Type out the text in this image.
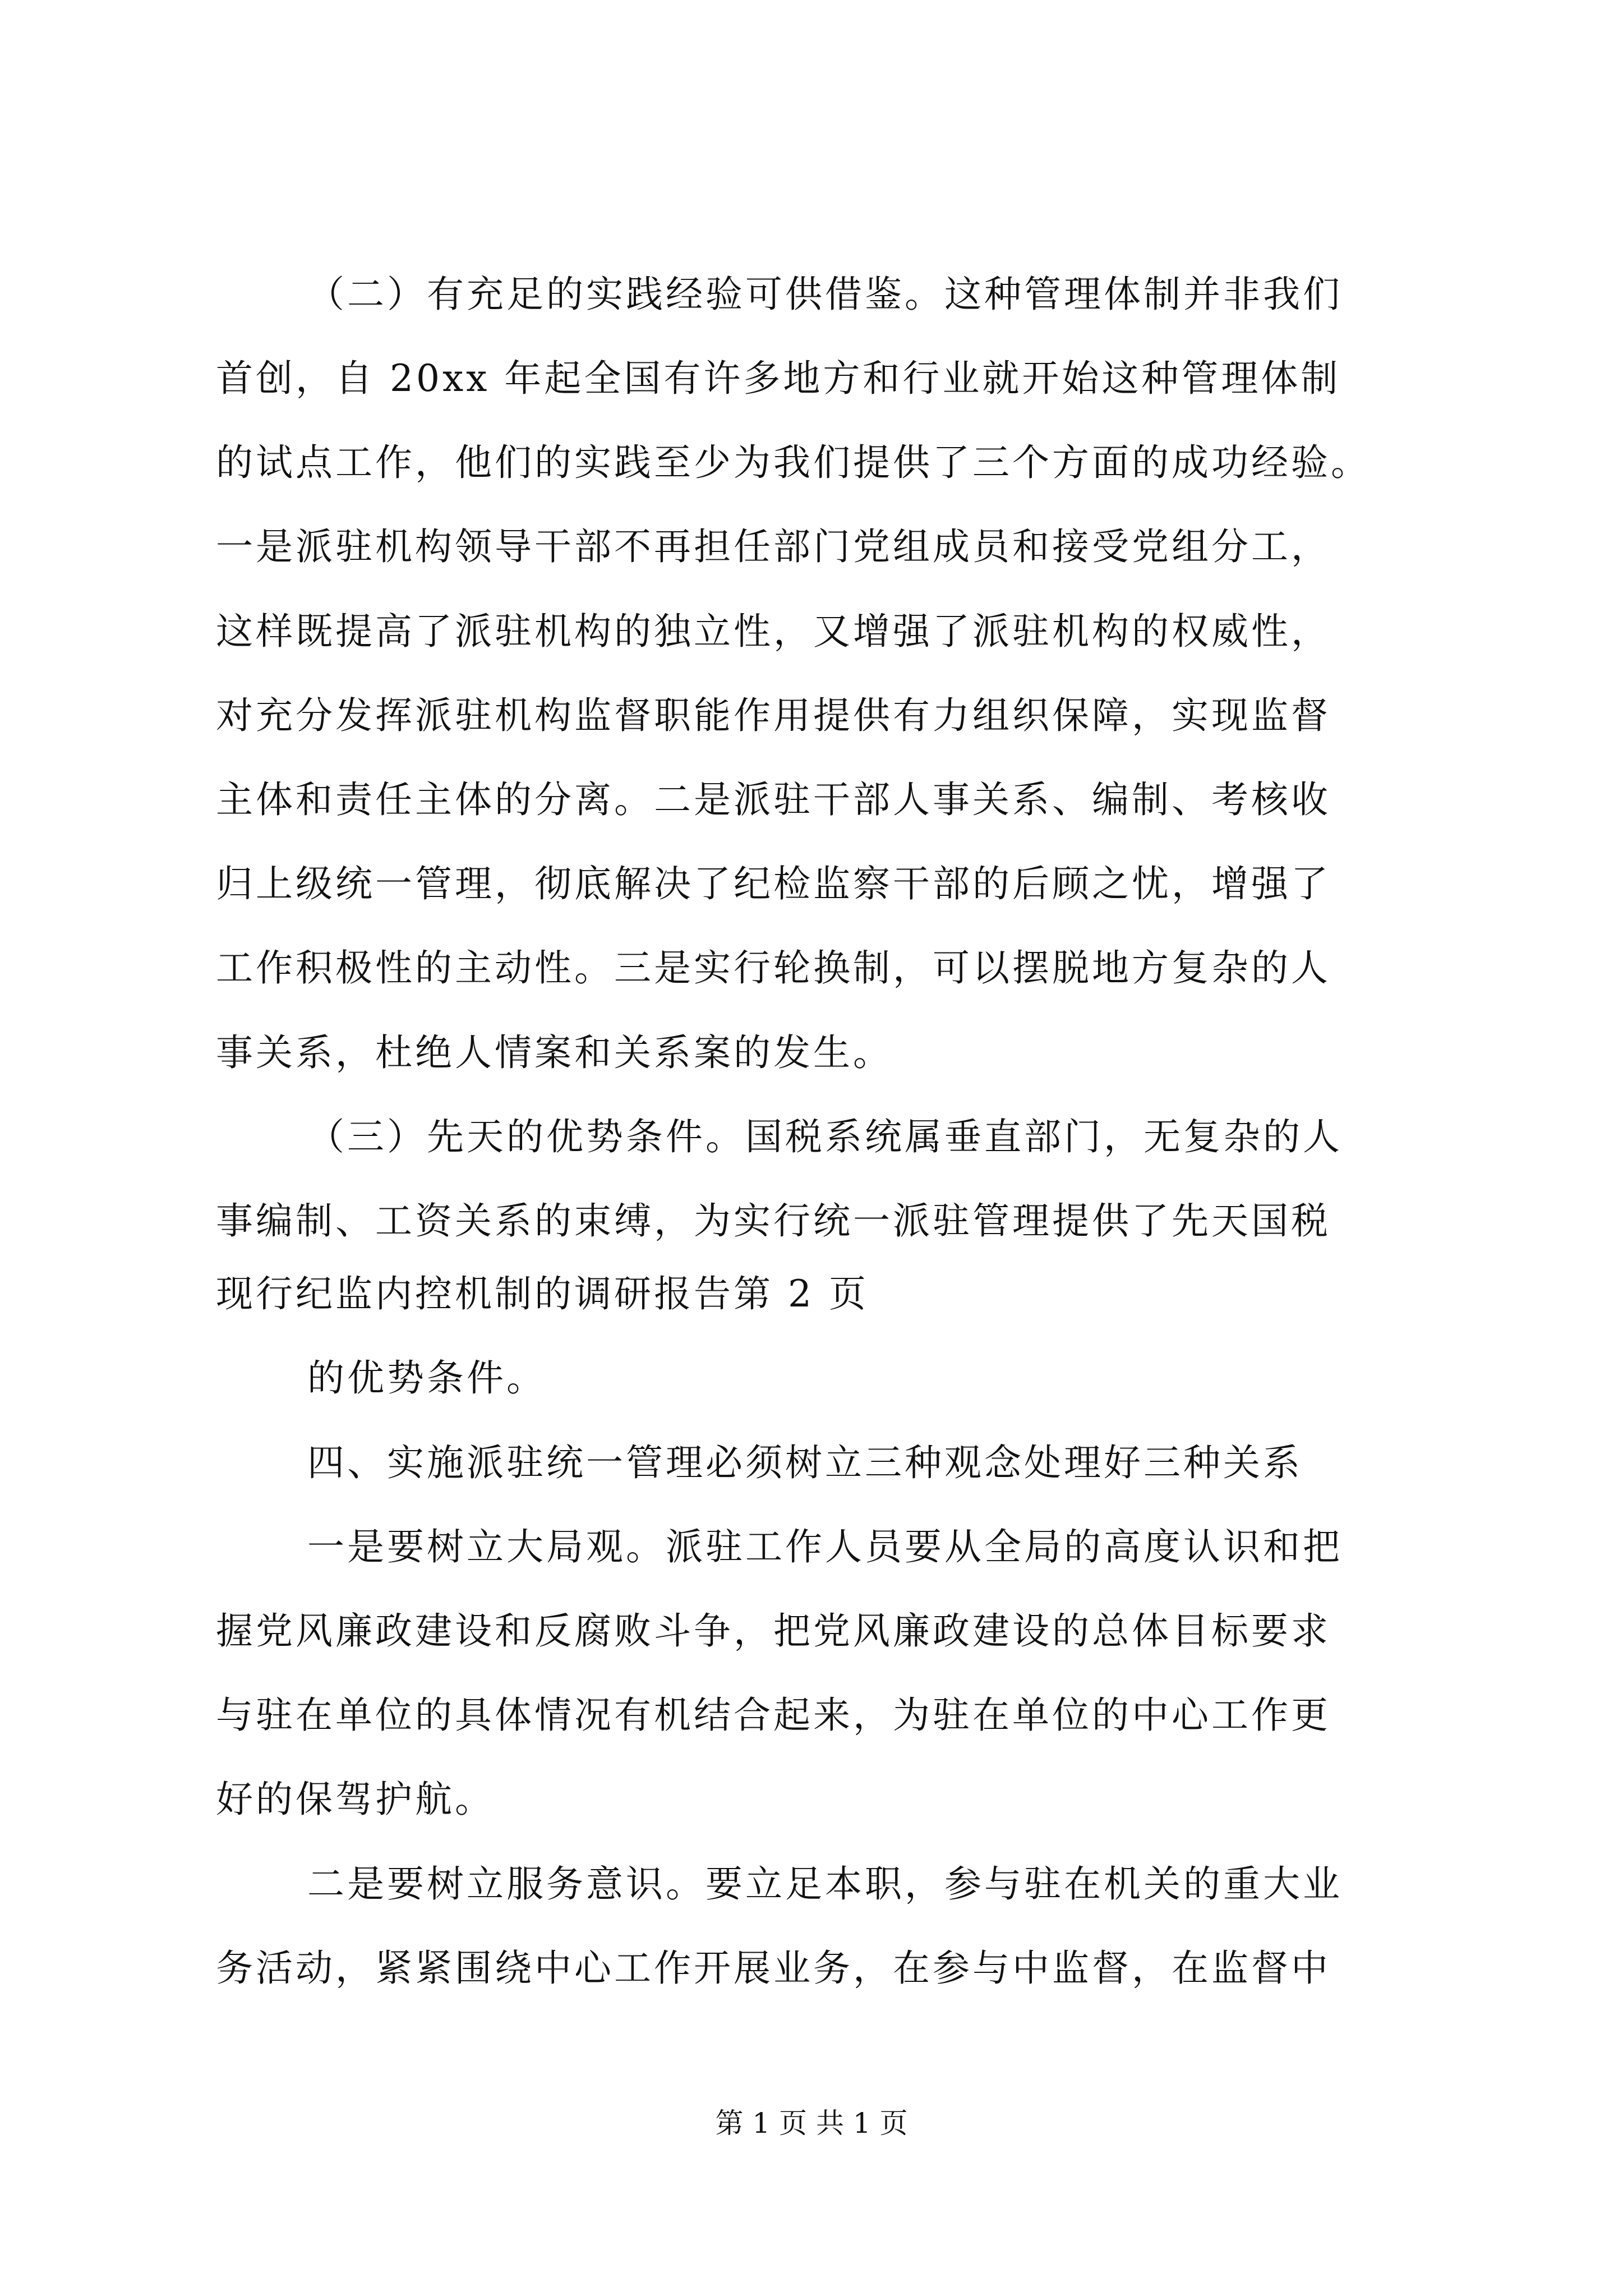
（二）有充足的实践经验可供借鉴。这种管理体制并非我们
首创，自 20xx 年起全国有许多地方和行业就开始这种管理体制
的试点工作，他们的实践至少为我们提供了三个方面的成功经验。
一是派驻机构领导干部不再担任部门党组成员和接受党组分工，
这样既提高了派驻机构的独立性，又增强了派驻机构的权威性，
对充分发挥派驻机构监督职能作用提供有力组织保障，实现监督
主体和责任主体的分离。二是派驻干部人事关系、编制、考核收
归上级统一管理，彻底解决了纪检监察干部的后顾之忧，增强了
工作积极性的主动性。三是实行轮换制，可以摆脱地方复杂的人
事关系，杜绝人情案和关系案的发生。
（三）先天的优势条件。国税系统属垂直部门，无复杂的人
事编制、工资关系的束缚，为实行统一派驻管理提供了先天国税
现行纪监内控机制的调研报告第 2 页
的优势条件。
四、实施派驻统一管理必须树立三种观念处理好三种关系
一是要树立大局观。派驻工作人员要从全局的高度认识和把
握党风廉政建设和反腐败斗争，把党风廉政建设的总体目标要求
与驻在单位的具体情况有机结合起来，为驻在单位的中心工作更
好的保驾护航。
二是要树立服务意识。要立足本职，参与驻在机关的重大业
务活动，紧紧围绕中心工作开展业务，在参与中监督，在监督中
第 1 页 共 1 页
